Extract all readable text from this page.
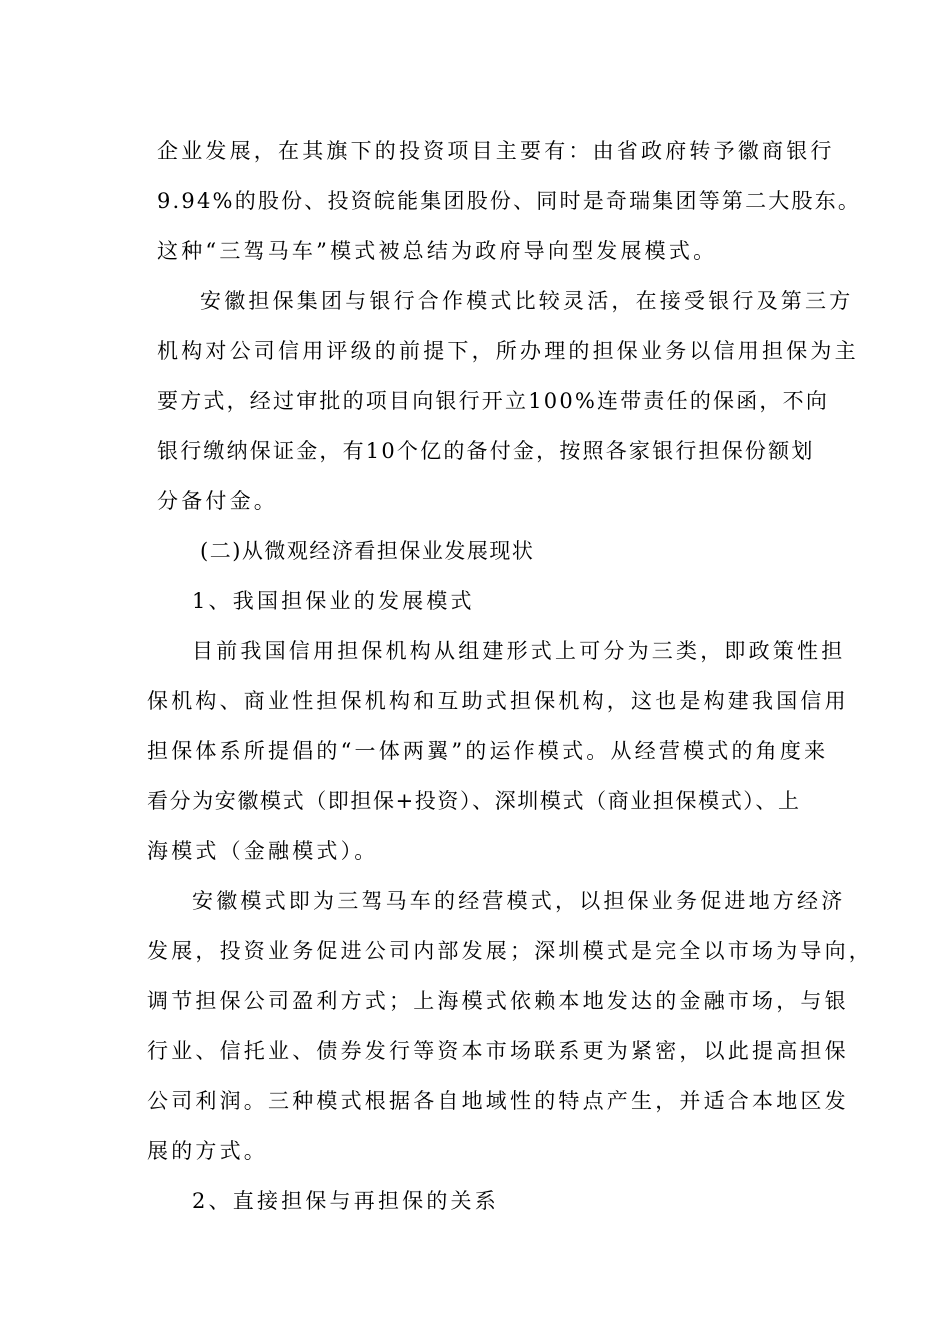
企业发展，在其旗下的投资项目主要有：由省政府转予徽商银行
9.94%的股份、投资皖能集团股份、同时是奇瑞集团等第二大股东。
这种“三驾马车”模式被总结为政府导向型发展模式。
安徽担保集团与银行合作模式比较灵活，在接受银行及第三方
机构对公司信用评级的前提下，所办理的担保业务以信用担保为主
要方式，经过审批的项目向银行开立100%连带责任的保函，不向
银行缴纳保证金，有10个亿的备付金，按照各家银行担保份额划
分备付金。
(二)从微观经济看担保业发展现状
1、我国担保业的发展模式
目前我国信用担保机构从组建形式上可分为三类，即政策性担
保机构、商业性担保机构和互助式担保机构，这也是构建我国信用
担保体系所提倡的“一体两翼”的运作模式。从经营模式的角度来
看分为安徽模式（即担保+投资）、深圳模式（商业担保模式）、上
海模式（金融模式）。
安徽模式即为三驾马车的经营模式，以担保业务促进地方经济
发展，投资业务促进公司内部发展；深圳模式是完全以市场为导向，
调节担保公司盈利方式；上海模式依赖本地发达的金融市场，与银
行业、信托业、债券发行等资本市场联系更为紧密，以此提高担保
公司利润。三种模式根据各自地域性的特点产生，并适合本地区发
展的方式。
2、直接担保与再担保的关系
